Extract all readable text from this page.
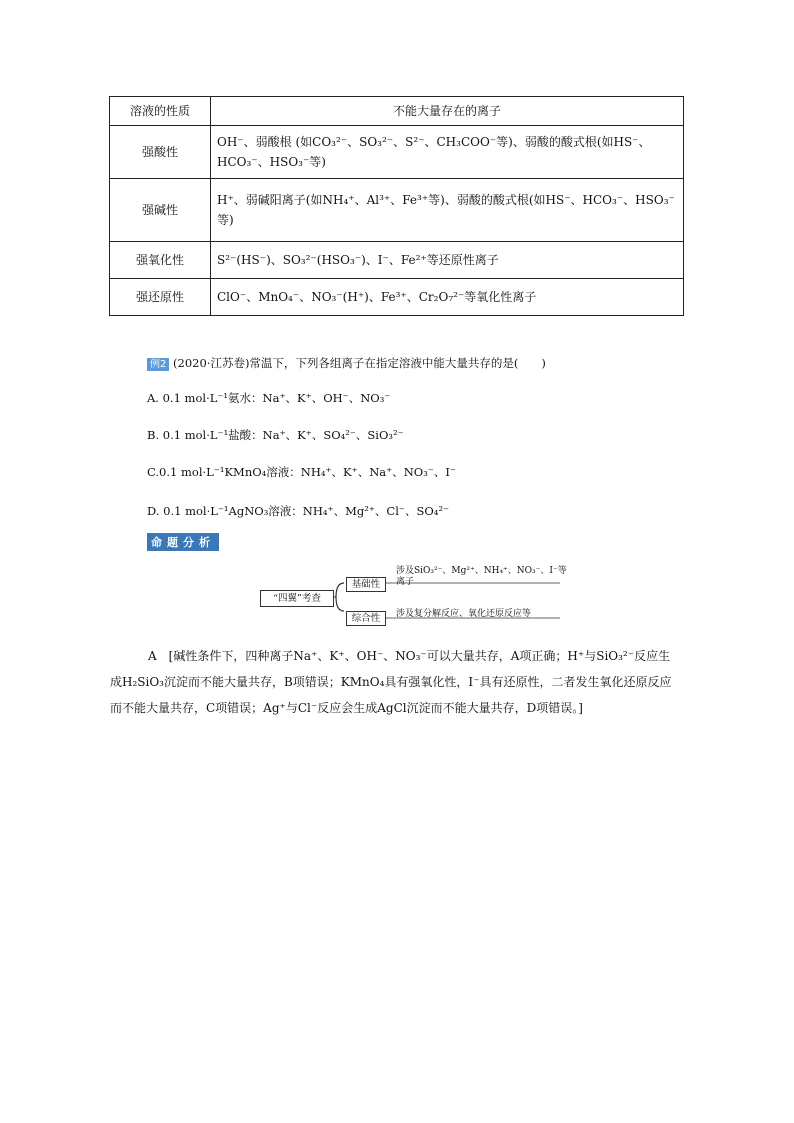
溶液的性质	不能大量存在的离子
强酸性	OH⁻、弱酸根 (如CO₃²⁻、SO₃²⁻、S²⁻、CH₃COO⁻等)、弱酸的酸式根(如HS⁻、HCO₃⁻、HSO₃⁻等)
强碱性	H⁺、弱碱阳离子(如NH₄⁺、Al³⁺、Fe³⁺等)、弱酸的酸式根(如HS⁻、HCO₃⁻、HSO₃⁻等)
强氧化性	S²⁻(HS⁻)、SO₃²⁻(HSO₃⁻)、I⁻、Fe²⁺等还原性离子
强还原性	ClO⁻、MnO₄⁻、NO₃⁻(H⁺)、Fe³⁺、Cr₂O₇²⁻等氧化性离子
例2 (2020·江苏卷)常温下，下列各组离子在指定溶液中能大量共存的是(　　)
A. 0.1 mol·L⁻¹氨水：Na⁺、K⁺、OH⁻、NO₃⁻
B. 0.1 mol·L⁻¹盐酸：Na⁺、K⁺、SO₄²⁻、SiO₃²⁻
C.0.1 mol·L⁻¹KMnO₄溶液：NH₄⁺、K⁺、Na⁺、NO₃⁻、I⁻
D. 0.1 mol·L⁻¹AgNO₃溶液：NH₄⁺、Mg²⁺、Cl⁻、SO₄²⁻
命题分析
“四翼”考查
基础性
综合性
涉及SiO₃²⁻、Mg²⁺、NH₄⁺、NO₃⁻、I⁻等
离子
涉及复分解反应、氧化还原反应等
A　[碱性条件下，四种离子Na⁺、K⁺、OH⁻、NO₃⁻可以大量共存，A项正确；H⁺与SiO₃²⁻反应生成H₂SiO₃沉淀而不能大量共存，B项错误；KMnO₄具有强氧化性，I⁻具有还原性，二者发生氧化还原反应而不能大量共存，C项错误；Ag⁺与Cl⁻反应会生成AgCl沉淀而不能大量共存，D项错误。]
